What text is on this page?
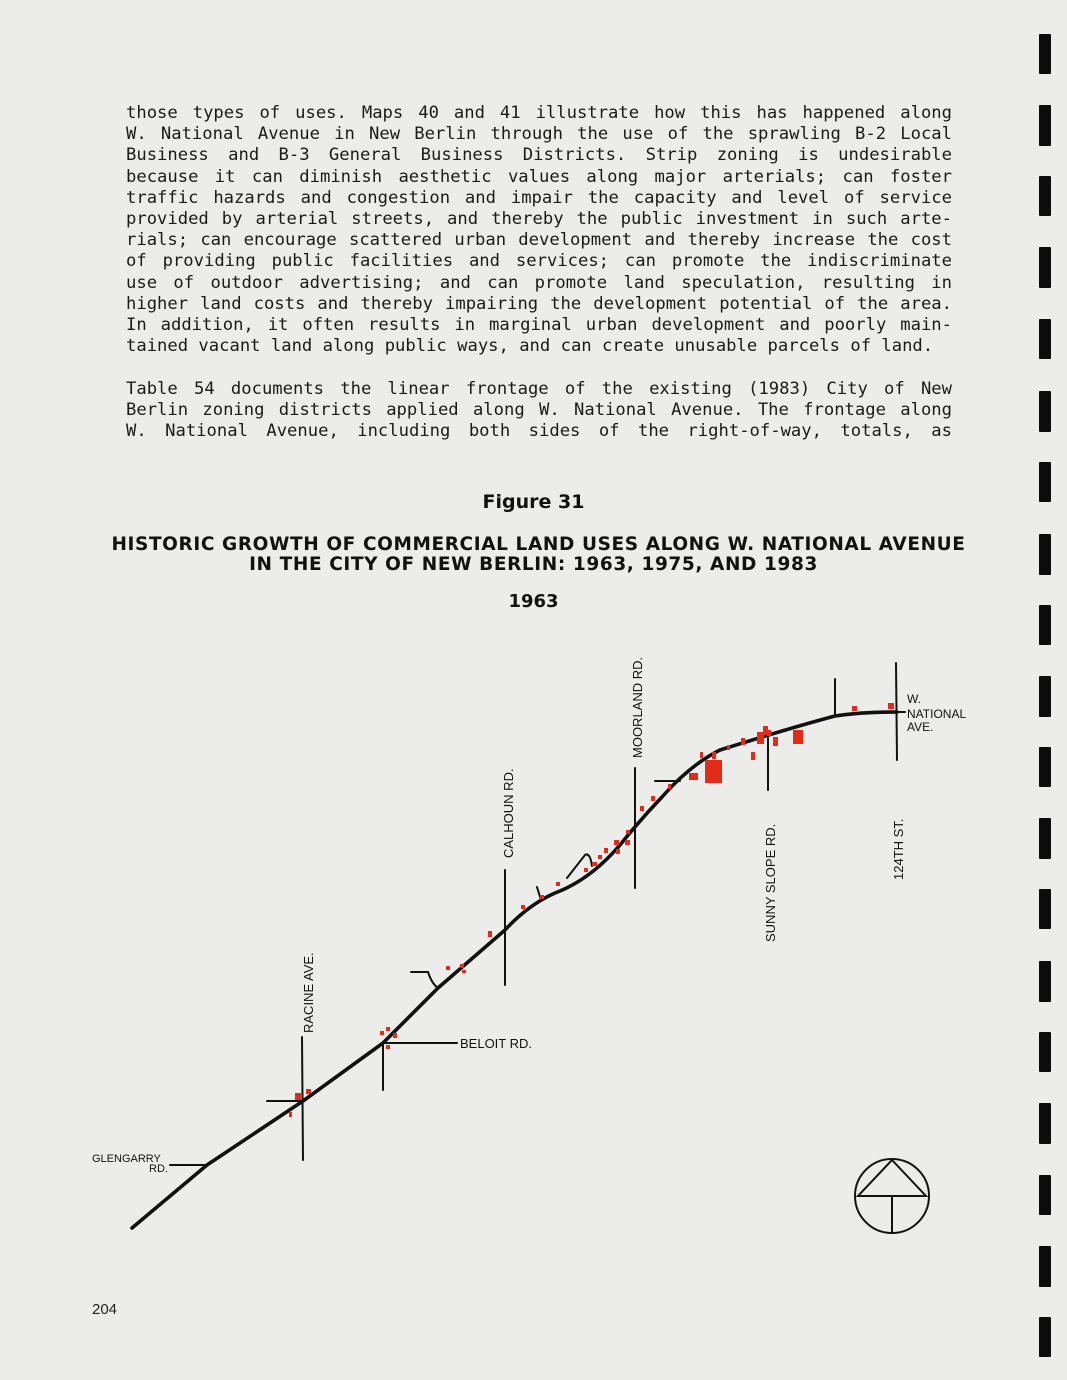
those types of uses. Maps 40 and 41 illustrate how this has happened along

W. National Avenue in New Berlin through the use of the sprawling B-2 Local

Business and B-3 General Business Districts. Strip zoning is undesirable

because it can diminish aesthetic values along major arterials; can foster

traffic hazards and congestion and impair the capacity and level of service

provided by arterial streets, and thereby the public investment in such arte-

rials; can encourage scattered urban development and thereby increase the cost

of providing public facilities and services; can promote the indiscriminate

use of outdoor advertising; and can promote land speculation, resulting in

higher land costs and thereby impairing the development potential of the area.

In addition, it often results in marginal urban development and poorly main-

tained vacant land along public ways, and can create unusable parcels of land.

Table 54 documents the linear frontage of the existing (1983) City of New

Berlin zoning districts applied along W. National Avenue. The frontage along

W. National Avenue, including both sides of the right-of-way, totals, as

Figure 31
HISTORIC GROWTH OF COMMERCIAL LAND USES ALONG W. NATIONAL AVENUE
IN THE CITY OF NEW BERLIN: 1963, 1975, AND 1983
1963
GLENGARRY
RD.
RACINE AVE.
BELOIT RD.
CALHOUN RD.
MOORLAND RD.
SUNNY SLOPE RD.	124TH ST.
W.
NATIONAL
AVE.
204
